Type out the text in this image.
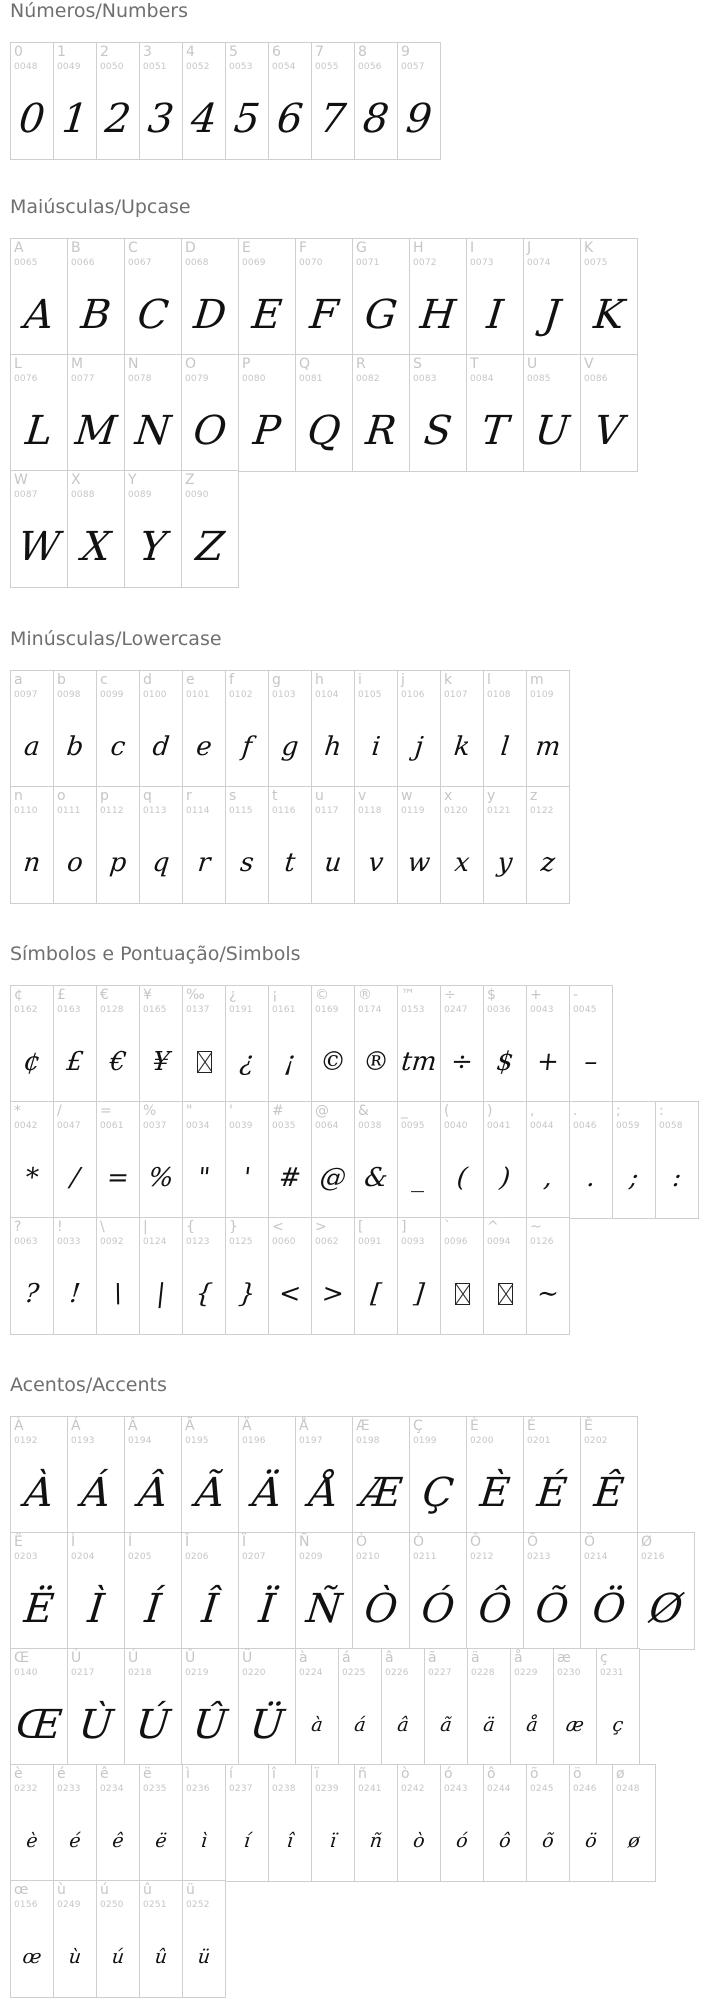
Números/Numbers
0
0048
0
1
0049
1
2
0050
2
3
0051
3
4
0052
4
5
0053
5
6
0054
6
7
0055
7
8
0056
8
9
0057
9
Maiúsculas/Upcase
A
0065
A
B
0066
B
C
0067
C
D
0068
D
E
0069
E
F
0070
F
G
0071
G
H
0072
H
I
0073
I
J
0074
J
K
0075
K
L
0076
L
M
0077
M
N
0078
N
O
0079
O
P
0080
P
Q
0081
Q
R
0082
R
S
0083
S
T
0084
T
U
0085
U
V
0086
V
W
0087
W
X
0088
X
Y
0089
Y
Z
0090
Z
Minúsculas/Lowercase
a
0097
a
b
0098
b
c
0099
c
d
0100
d
e
0101
e
f
0102
f
g
0103
g
h
0104
h
i
0105
i
j
0106
j
k
0107
k
l
0108
l
m
0109
m
n
0110
n
o
0111
o
p
0112
p
q
0113
q
r
0114
r
s
0115
s
t
0116
t
u
0117
u
v
0118
v
w
0119
w
x
0120
x
y
0121
y
z
0122
z
Símbolos e Pontuação/Simbols
¢
0162
¢
£
0163
£
€
0128
€
¥
0165
¥
‰
0137
¿
0191
¿
¡
0161
¡
©
0169
©
®
0174
®
™
0153
tm
÷
0247
÷
$
0036
$
+
0043
+
-
0045
–
*
0042
*
/
0047
/
=
0061
=
%
0037
%
"
0034
"
'
0039
'
#
0035
#
@
0064
@
&
0038
&
_
0095
_
(
0040
(
)
0041
)
,
0044
,
.
0046
.
;
0059
;
:
0058
:
?
0063
?
!
0033
!
\
0092
\
|
0124
|
{
0123
{
}
0125
}
<
0060
<
>
0062
>
[
0091
[
]
0093
]
`
0096
^
0094
~
0126
~
Acentos/Accents
À
0192
À
Á
0193
Á
Â
0194
Â
Ã
0195
Ã
Ä
0196
Ä
Å
0197
Å
Æ
0198
Æ
Ç
0199
Ç
È
0200
È
É
0201
É
Ê
0202
Ê
Ë
0203
Ë
Ì
0204
Ì
Í
0205
Í
Î
0206
Î
Ï
0207
Ï
Ñ
0209
Ñ
Ò
0210
Ò
Ó
0211
Ó
Ô
0212
Ô
Õ
0213
Õ
Ö
0214
Ö
Ø
0216
Ø
Œ
0140
Œ
Ù
0217
Ù
Ú
0218
Ú
Û
0219
Û
Ü
0220
Ü
à
0224
à
á
0225
á
â
0226
â
ã
0227
ã
ä
0228
ä
å
0229
å
æ
0230
æ
ç
0231
ç
è
0232
è
é
0233
é
ê
0234
ê
ë
0235
ë
ì
0236
ì
í
0237
í
î
0238
î
ï
0239
ï
ñ
0241
ñ
ò
0242
ò
ó
0243
ó
ô
0244
ô
õ
0245
õ
ö
0246
ö
ø
0248
ø
œ
0156
œ
ù
0249
ù
ú
0250
ú
û
0251
û
ü
0252
ü
